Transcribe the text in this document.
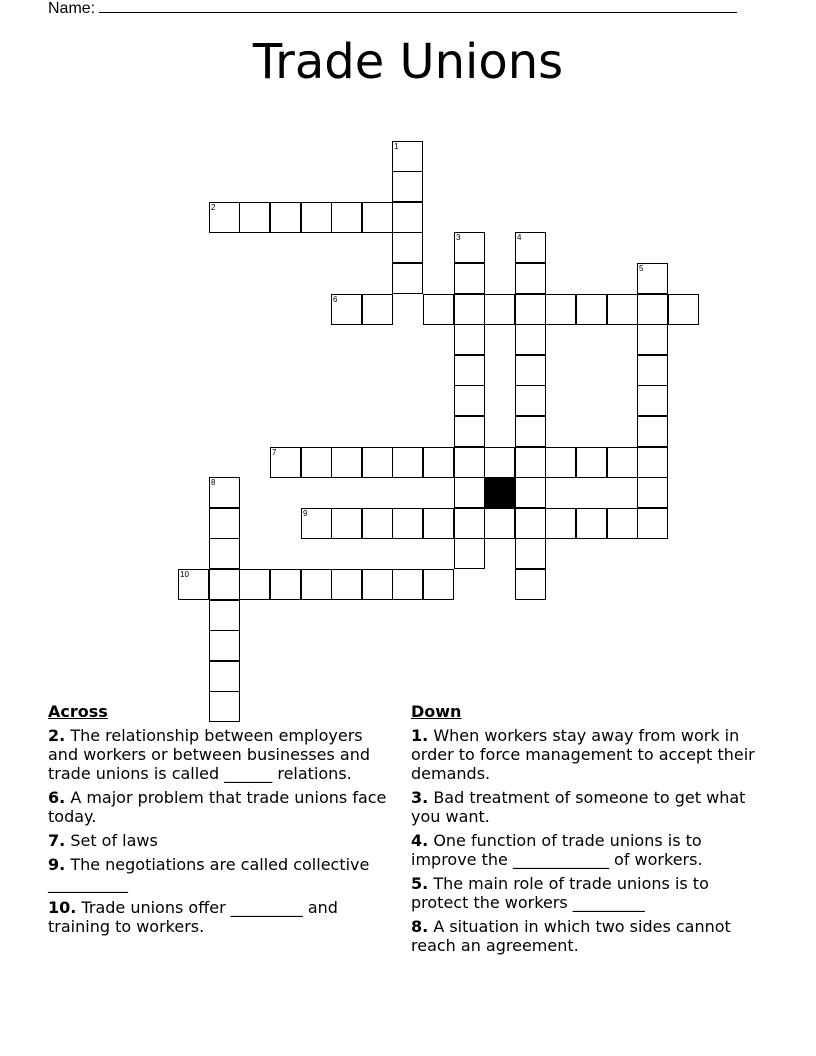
Name:
Trade Unions
1
2
3	4
5
6
7
8
9
10
Across
2. The relationship between employers and workers or between businesses and trade unions is called ______ relations.
6. A major problem that trade unions face today.
7. Set of laws
9. The negotiations are called collective __________
10. Trade unions offer _________ and training to workers.
Down
1. When workers stay away from work in order to force management to accept their demands.
3. Bad treatment of someone to get what you want.
4. One function of trade unions is to improve the ____________ of workers.
5. The main role of trade unions is to protect the workers _________
8. A situation in which two sides cannot reach an agreement.
